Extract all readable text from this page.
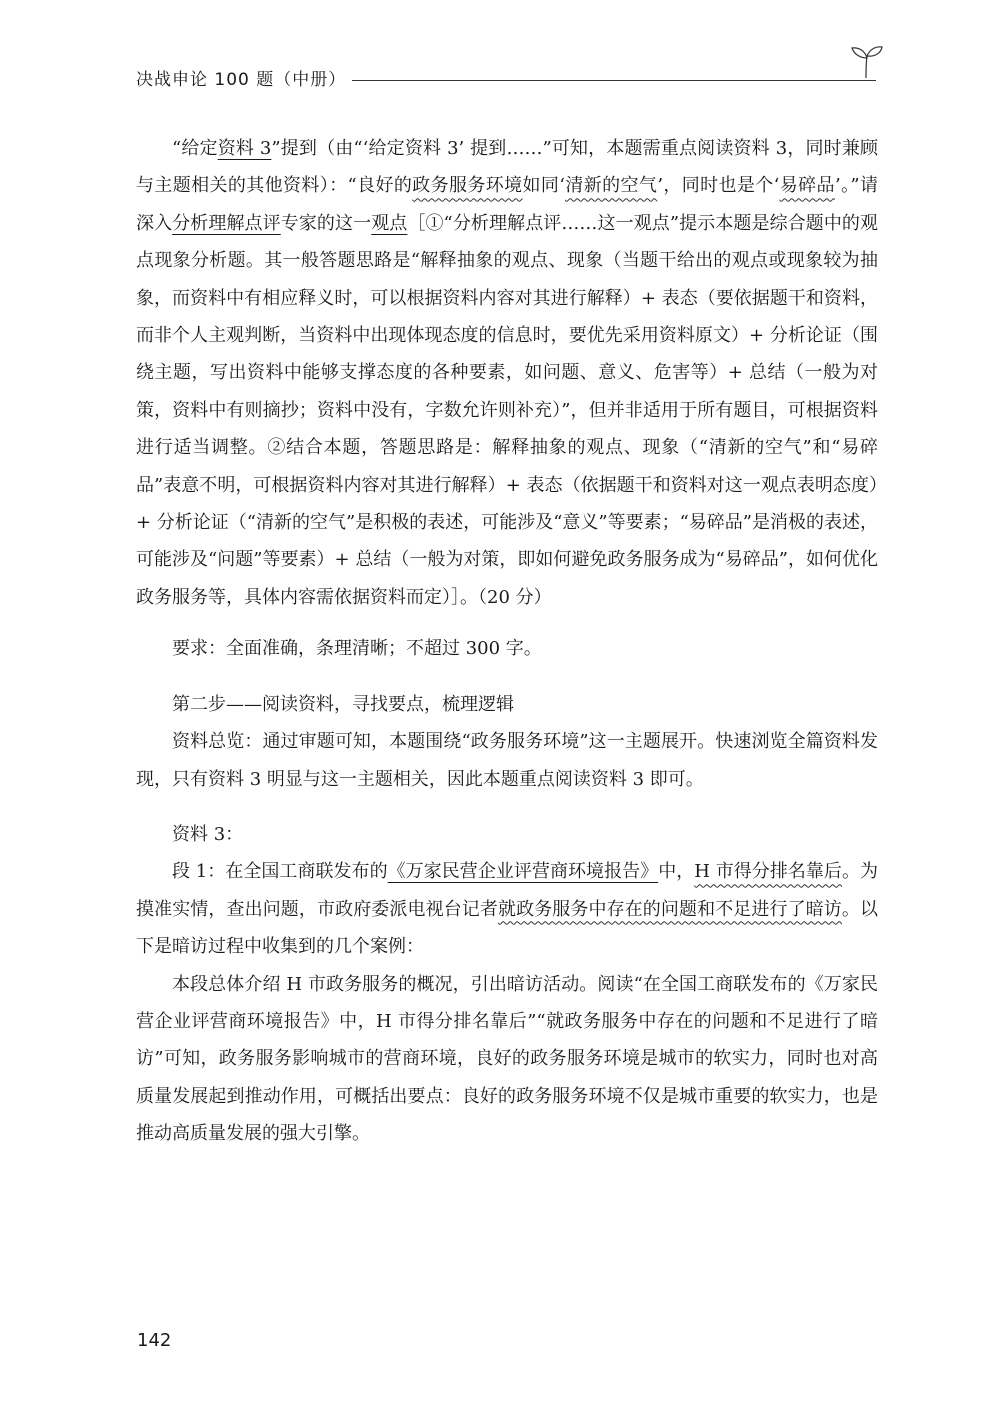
决战申论 100 题（中册）

“给定资料 3”提到（由“‘给定资料 3’ 提到……”可知，本题需重点阅读资料 3，同时兼顾与主题相关的其他资料）：“良好的政务服务环境如同‘清新的空气’，同时也是个‘易碎品’。”请深入分析理解点评专家的这一观点［①“分析理解点评……这一观点”提示本题是综合题中的观点现象分析题。其一般答题思路是“解释抽象的观点、现象（当题干给出的观点或现象较为抽象，而资料中有相应释义时，可以根据资料内容对其进行解释）+ 表态（要依据题干和资料，而非个人主观判断，当资料中出现体现态度的信息时，要优先采用资料原文）+ 分析论证（围绕主题，写出资料中能够支撑态度的各种要素，如问题、意义、危害等）+ 总结（一般为对策，资料中有则摘抄；资料中没有，字数允许则补充）”，但并非适用于所有题目，可根据资料进行适当调整。②结合本题，答题思路是：解释抽象的观点、现象（“清新的空气”和“易碎品”表意不明，可根据资料内容对其进行解释）+ 表态（依据题干和资料对这一观点表明态度）+ 分析论证（“清新的空气”是积极的表述，可能涉及“意义”等要素；“易碎品”是消极的表述，可能涉及“问题”等要素）+ 总结（一般为对策，即如何避免政务服务成为“易碎品”，如何优化政务服务等，具体内容需依据资料而定）］。（20 分）

要求：全面准确，条理清晰；不超过 300 字。

第二步——阅读资料，寻找要点，梳理逻辑

资料总览：通过审题可知，本题围绕“政务服务环境”这一主题展开。快速浏览全篇资料发现，只有资料 3 明显与这一主题相关，因此本题重点阅读资料 3 即可。

资料 3：

段 1：在全国工商联发布的《万家民营企业评营商环境报告》中，H 市得分排名靠后。为摸准实情，查出问题，市政府委派电视台记者就政务服务中存在的问题和不足进行了暗访。以下是暗访过程中收集到的几个案例：

本段总体介绍 H 市政务服务的概况，引出暗访活动。阅读“在全国工商联发布的《万家民营企业评营商环境报告》中，H 市得分排名靠后”“就政务服务中存在的问题和不足进行了暗访”可知，政务服务影响城市的营商环境，良好的政务服务环境是城市的软实力，同时也对高质量发展起到推动作用，可概括出要点：良好的政务服务环境不仅是城市重要的软实力，也是推动高质量发展的强大引擎。

142
